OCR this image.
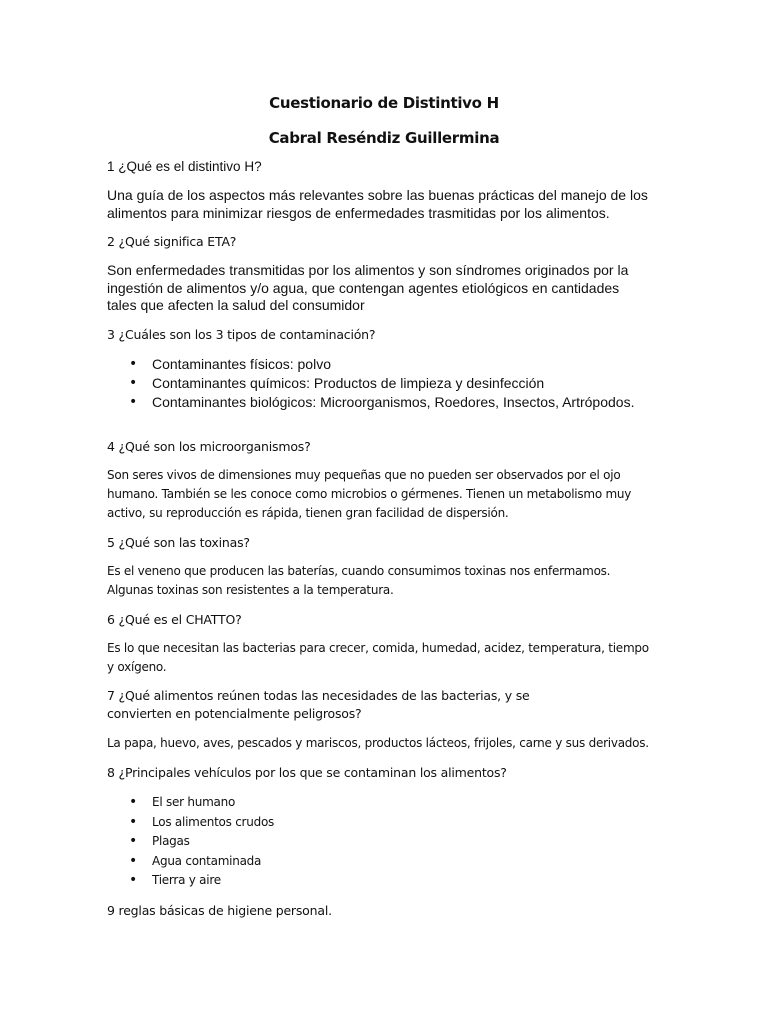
Cuestionario de Distintivo H
Cabral Reséndiz Guillermina

1 ¿Qué es el distintivo H?

Una guía de los aspectos más relevantes sobre las buenas prácticas del manejo de los alimentos para minimizar riesgos de enfermedades trasmitidas por los alimentos.

2 ¿Qué significa ETA?

Son enfermedades transmitidas por los alimentos y son síndromes originados por la ingestión de alimentos y/o agua, que contengan agentes etiológicos en cantidades tales que afecten la salud del consumidor

3 ¿Cuáles son los 3 tipos de contaminación?

• Contaminantes físicos: polvo
• Contaminantes químicos: Productos de limpieza y desinfección
• Contaminantes biológicos: Microorganismos, Roedores, Insectos, Artrópodos.

4 ¿Qué son los microorganismos?

Son seres vivos de dimensiones muy pequeñas que no pueden ser observados por el ojo humano. También se les conoce como microbios o gérmenes. Tienen un metabolismo muy activo, su reproducción es rápida, tienen gran facilidad de dispersión.

5 ¿Qué son las toxinas?

Es el veneno que producen las baterías, cuando consumimos toxinas nos enfermamos. Algunas toxinas son resistentes a la temperatura.

6 ¿Qué es el CHATTO?

Es lo que necesitan las bacterias para crecer, comida, humedad, acidez, temperatura, tiempo y oxígeno.

7 ¿Qué alimentos reúnen todas las necesidades de las bacterias, y se convierten en potencialmente peligrosos?

La papa, huevo, aves, pescados y mariscos, productos lácteos, frijoles, carne y sus derivados.

8 ¿Principales vehículos por los que se contaminan los alimentos?

• El ser humano
• Los alimentos crudos
• Plagas
• Agua contaminada
• Tierra y aire

9 reglas básicas de higiene personal.
